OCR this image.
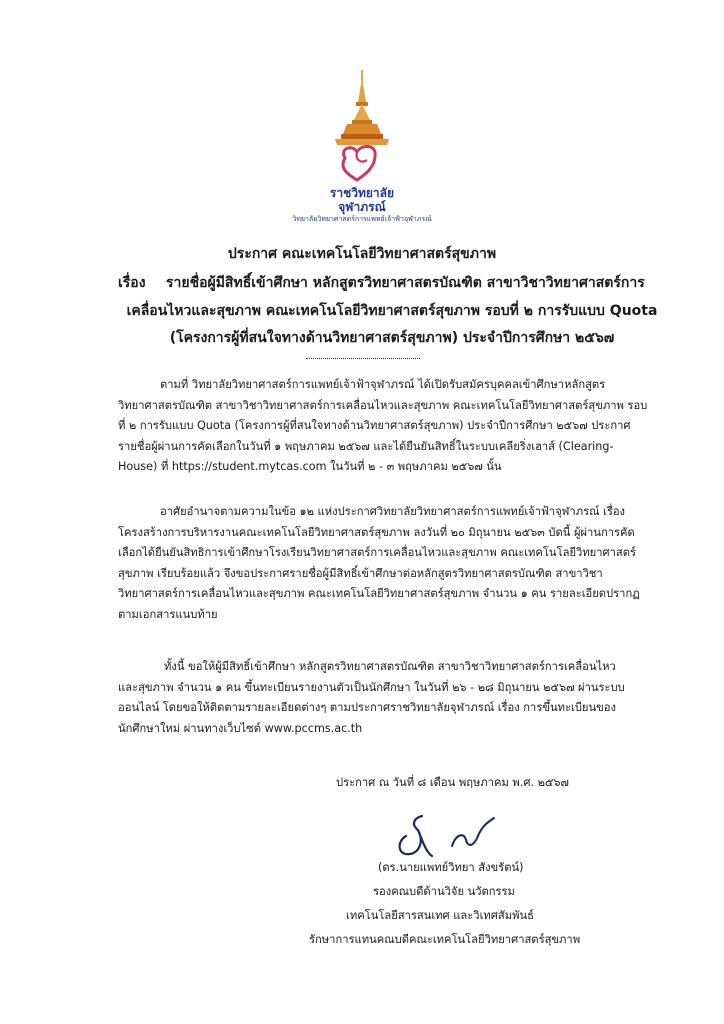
ราชวิทยาลัย
จุฬาภรณ์
วิทยาลัยวิทยาศาสตร์การแพทย์เจ้าฟ้าจุฬาภรณ์
ประกาศ คณะเทคโนโลยีวิทยาศาสตร์สุขภาพ
เรื่อง รายชื่อผู้มีสิทธิ์เข้าศึกษา หลักสูตรวิทยาศาสตรบัณฑิต สาขาวิชาวิทยาศาสตร์การ
เคลื่อนไหวและสุขภาพ คณะเทคโนโลยีวิทยาศาสตร์สุขภาพ รอบที่ ๒ การรับแบบ Quota
(โครงการผู้ที่สนใจทางด้านวิทยาศาสตร์สุขภาพ) ประจำปีการศึกษา ๒๕๖๗
ตามที่ วิทยาลัยวิทยาศาสตร์การแพทย์เจ้าฟ้าจุฬาภรณ์ ได้เปิดรับสมัครบุคคลเข้าศึกษาหลักสูตร
วิทยาศาสตรบัณฑิต สาขาวิชาวิทยาศาสตร์การเคลื่อนไหวและสุขภาพ คณะเทคโนโลยีวิทยาศาสตร์สุขภาพ รอบ
ที่ ๒ การรับแบบ Quota (โครงการผู้ที่สนใจทางด้านวิทยาศาสตร์สุขภาพ) ประจำปีการศึกษา ๒๕๖๗ ประกาศ
รายชื่อผู้ผ่านการคัดเลือกในวันที่ ๑ พฤษภาคม ๒๕๖๗ และได้ยืนยันสิทธิ์ในระบบเคลียริ่งเฮาส์ (Clearing-
House) ที่ https://student.mytcas.com ในวันที่ ๒ - ๓ พฤษภาคม ๒๕๖๗ นั้น
อาศัยอำนาจตามความในข้อ ๑๒ แห่งประกาศวิทยาลัยวิทยาศาสตร์การแพทย์เจ้าฟ้าจุฬาภรณ์ เรื่อง
โครงสร้างการบริหารงานคณะเทคโนโลยีวิทยาศาสตร์สุขภาพ ลงวันที่ ๒๐ มิถุนายน ๒๕๖๓ บัดนี้ ผู้ผ่านการคัด
เลือกได้ยืนยันสิทธิการเข้าศึกษาโรงเรียนวิทยาศาสตร์การเคลื่อนไหวและสุขภาพ คณะเทคโนโลยีวิทยาศาสตร์
สุขภาพ เรียบร้อยแล้ว จึงขอประกาศรายชื่อผู้มีสิทธิ์เข้าศึกษาต่อหลักสูตรวิทยาศาสตรบัณฑิต สาขาวิชา
วิทยาศาสตร์การเคลื่อนไหวและสุขภาพ คณะเทคโนโลยีวิทยาศาสตร์สุขภาพ จำนวน ๑ คน รายละเอียดปรากฏ
ตามเอกสารแนบท้าย
ทั้งนี้ ขอให้ผู้มีสิทธิ์เข้าศึกษา หลักสูตรวิทยาศาสตรบัณฑิต สาขาวิชาวิทยาศาสตร์การเคลื่อนไหว
และสุขภาพ จำนวน ๑ คน ขึ้นทะเบียนรายงานตัวเป็นนักศึกษา ในวันที่ ๒๖ - ๒๘ มิถุนายน ๒๕๖๗ ผ่านระบบ
ออนไลน์ โดยขอให้ติดตามรายละเอียดต่างๆ ตามประกาศราชวิทยาลัยจุฬาภรณ์ เรื่อง การขึ้นทะเบียนของ
นักศึกษาใหม่ ผ่านทางเว็บไซต์ www.pccms.ac.th
ประกาศ ณ วันที่ ๘ เดือน พฤษภาคม พ.ศ. ๒๕๖๗
(ดร.นายแพทย์วิทยา สังขรัตน์)
รองคณบดีด้านวิจัย นวัตกรรม
เทคโนโลยีสารสนเทศ และวิเทศสัมพันธ์
รักษาการแทนคณบดีคณะเทคโนโลยีวิทยาศาสตร์สุขภาพ
